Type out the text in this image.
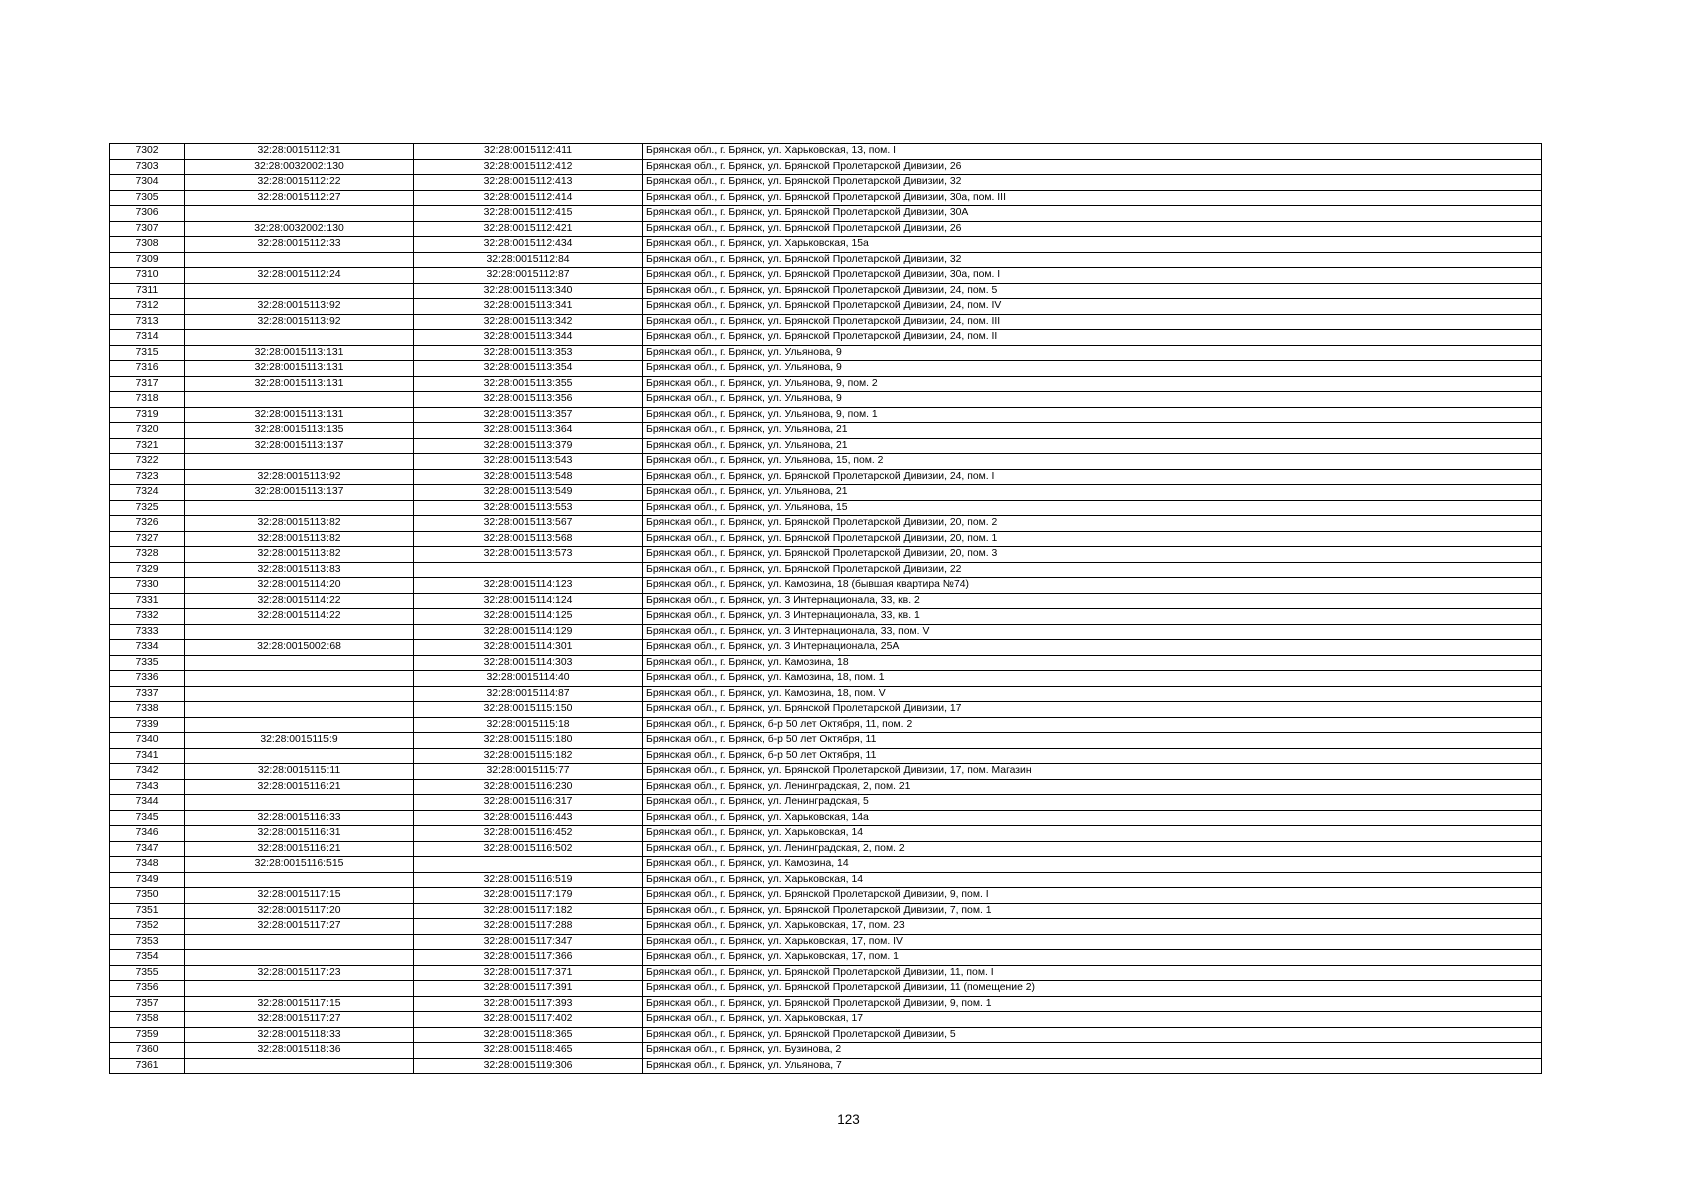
7302	32:28:0015112:31	32:28:0015112:411	Брянская обл., г. Брянск, ул. Харьковская, 13, пом. I
7303	32:28:0032002:130	32:28:0015112:412	Брянская обл., г. Брянск, ул. Брянской Пролетарской Дивизии, 26
7304	32:28:0015112:22	32:28:0015112:413	Брянская обл., г. Брянск, ул. Брянской Пролетарской Дивизии, 32
7305	32:28:0015112:27	32:28:0015112:414	Брянская обл., г. Брянск, ул. Брянской Пролетарской Дивизии, 30а, пом. III
7306		32:28:0015112:415	Брянская обл., г. Брянск, ул. Брянской Пролетарской Дивизии, 30А
7307	32:28:0032002:130	32:28:0015112:421	Брянская обл., г. Брянск, ул. Брянской Пролетарской Дивизии, 26
7308	32:28:0015112:33	32:28:0015112:434	Брянская обл., г. Брянск, ул. Харьковская, 15а
7309		32:28:0015112:84	Брянская обл., г. Брянск, ул. Брянской Пролетарской Дивизии, 32
7310	32:28:0015112:24	32:28:0015112:87	Брянская обл., г. Брянск, ул. Брянской Пролетарской Дивизии, 30а, пом. I
7311		32:28:0015113:340	Брянская обл., г. Брянск, ул. Брянской Пролетарской Дивизии, 24, пом. 5
7312	32:28:0015113:92	32:28:0015113:341	Брянская обл., г. Брянск, ул. Брянской Пролетарской Дивизии, 24, пом. IV
7313	32:28:0015113:92	32:28:0015113:342	Брянская обл., г. Брянск, ул. Брянской Пролетарской Дивизии, 24, пом. III
7314		32:28:0015113:344	Брянская обл., г. Брянск, ул. Брянской Пролетарской Дивизии, 24, пом. II
7315	32:28:0015113:131	32:28:0015113:353	Брянская обл., г. Брянск, ул. Ульянова, 9
7316	32:28:0015113:131	32:28:0015113:354	Брянская обл., г. Брянск, ул. Ульянова, 9
7317	32:28:0015113:131	32:28:0015113:355	Брянская обл., г. Брянск, ул. Ульянова, 9, пом. 2
7318		32:28:0015113:356	Брянская обл., г. Брянск, ул. Ульянова, 9
7319	32:28:0015113:131	32:28:0015113:357	Брянская обл., г. Брянск, ул. Ульянова, 9, пом. 1
7320	32:28:0015113:135	32:28:0015113:364	Брянская обл., г. Брянск, ул. Ульянова, 21
7321	32:28:0015113:137	32:28:0015113:379	Брянская обл., г. Брянск, ул. Ульянова, 21
7322		32:28:0015113:543	Брянская обл., г. Брянск, ул. Ульянова, 15, пом. 2
7323	32:28:0015113:92	32:28:0015113:548	Брянская обл., г. Брянск, ул. Брянской Пролетарской Дивизии, 24, пом. I
7324	32:28:0015113:137	32:28:0015113:549	Брянская обл., г. Брянск, ул. Ульянова, 21
7325		32:28:0015113:553	Брянская обл., г. Брянск, ул. Ульянова, 15
7326	32:28:0015113:82	32:28:0015113:567	Брянская обл., г. Брянск, ул. Брянской Пролетарской Дивизии, 20, пом. 2
7327	32:28:0015113:82	32:28:0015113:568	Брянская обл., г. Брянск, ул. Брянской Пролетарской Дивизии, 20, пом. 1
7328	32:28:0015113:82	32:28:0015113:573	Брянская обл., г. Брянск, ул. Брянской Пролетарской Дивизии, 20, пом. 3
7329	32:28:0015113:83		Брянская обл., г. Брянск, ул. Брянской Пролетарской Дивизии, 22
7330	32:28:0015114:20	32:28:0015114:123	Брянская обл., г. Брянск, ул. Камозина, 18 (бывшая квартира №74)
7331	32:28:0015114:22	32:28:0015114:124	Брянская обл., г. Брянск, ул. 3 Интернационала, 33, кв. 2
7332	32:28:0015114:22	32:28:0015114:125	Брянская обл., г. Брянск, ул. 3 Интернационала, 33, кв. 1
7333		32:28:0015114:129	Брянская обл., г. Брянск, ул. 3 Интернационала, 33, пом. V
7334	32:28:0015002:68	32:28:0015114:301	Брянская обл., г. Брянск, ул. 3 Интернационала, 25А
7335		32:28:0015114:303	Брянская обл., г. Брянск, ул. Камозина, 18
7336		32:28:0015114:40	Брянская обл., г. Брянск, ул. Камозина, 18, пом. 1
7337		32:28:0015114:87	Брянская обл., г. Брянск, ул. Камозина, 18, пом. V
7338		32:28:0015115:150	Брянская обл., г. Брянск, ул. Брянской Пролетарской Дивизии, 17
7339		32:28:0015115:18	Брянская обл., г. Брянск, б-р 50 лет Октября, 11, пом. 2
7340	32:28:0015115:9	32:28:0015115:180	Брянская обл., г. Брянск, б-р 50 лет Октября, 11
7341		32:28:0015115:182	Брянская обл., г. Брянск, б-р 50 лет Октября, 11
7342	32:28:0015115:11	32:28:0015115:77	Брянская обл., г. Брянск, ул. Брянской Пролетарской Дивизии, 17, пом. Магазин
7343	32:28:0015116:21	32:28:0015116:230	Брянская обл., г. Брянск, ул. Ленинградская, 2, пом. 21
7344		32:28:0015116:317	Брянская обл., г. Брянск, ул. Ленинградская, 5
7345	32:28:0015116:33	32:28:0015116:443	Брянская обл., г. Брянск, ул. Харьковская, 14а
7346	32:28:0015116:31	32:28:0015116:452	Брянская обл., г. Брянск, ул. Харьковская, 14
7347	32:28:0015116:21	32:28:0015116:502	Брянская обл., г. Брянск, ул. Ленинградская, 2, пом. 2
7348	32:28:0015116:515		Брянская обл., г. Брянск, ул. Камозина, 14
7349		32:28:0015116:519	Брянская обл., г. Брянск, ул. Харьковская, 14
7350	32:28:0015117:15	32:28:0015117:179	Брянская обл., г. Брянск, ул. Брянской Пролетарской Дивизии, 9, пом. I
7351	32:28:0015117:20	32:28:0015117:182	Брянская обл., г. Брянск, ул. Брянской Пролетарской Дивизии, 7, пом. 1
7352	32:28:0015117:27	32:28:0015117:288	Брянская обл., г. Брянск, ул. Харьковская, 17, пом. 23
7353		32:28:0015117:347	Брянская обл., г. Брянск, ул. Харьковская, 17, пом. IV
7354		32:28:0015117:366	Брянская обл., г. Брянск, ул. Харьковская, 17, пом. 1
7355	32:28:0015117:23	32:28:0015117:371	Брянская обл., г. Брянск, ул. Брянской Пролетарской Дивизии, 11, пом. I
7356		32:28:0015117:391	Брянская обл., г. Брянск, ул. Брянской Пролетарской Дивизии, 11 (помещение 2)
7357	32:28:0015117:15	32:28:0015117:393	Брянская обл., г. Брянск, ул. Брянской Пролетарской Дивизии, 9, пом. 1
7358	32:28:0015117:27	32:28:0015117:402	Брянская обл., г. Брянск, ул. Харьковская, 17
7359	32:28:0015118:33	32:28:0015118:365	Брянская обл., г. Брянск, ул. Брянской Пролетарской Дивизии, 5
7360	32:28:0015118:36	32:28:0015118:465	Брянская обл., г. Брянск, ул. Бузинова, 2
7361		32:28:0015119:306	Брянская обл., г. Брянск, ул. Ульянова, 7
123
